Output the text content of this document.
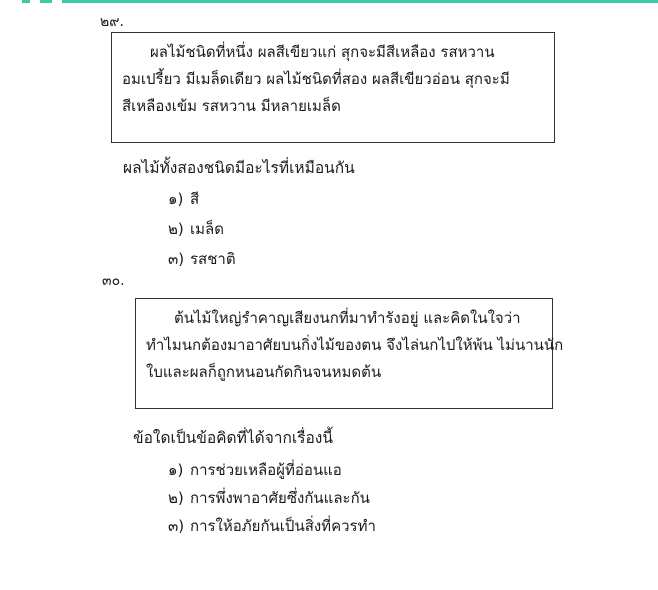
๒๙.
ผลไม้ชนิดที่หนึ่ง ผลสีเขียวแก่ สุกจะมีสีเหลือง รสหวาน
อมเปรี้ยว มีเมล็ดเดียว ผลไม้ชนิดที่สอง ผลสีเขียวอ่อน สุกจะมี
สีเหลืองเข้ม รสหวาน มีหลายเมล็ด
ผลไม้ทั้งสองชนิดมีอะไรที่เหมือนกัน
๑) สี
๒) เมล็ด
๓) รสชาติ
๓๐.
ต้นไม้ใหญ่รำคาญเสียงนกที่มาทำรังอยู่ และคิดในใจว่า
ทำไมนกต้องมาอาศัยบนกิ่งไม้ของตน จึงไล่นกไปให้พ้น ไม่นานนัก
ใบและผลก็ถูกหนอนกัดกินจนหมดต้น
ข้อใดเป็นข้อคิดที่ได้จากเรื่องนี้
๑) การช่วยเหลือผู้ที่อ่อนแอ
๒) การพึ่งพาอาศัยซึ่งกันและกัน
๓) การให้อภัยกันเป็นสิ่งที่ควรทำ
